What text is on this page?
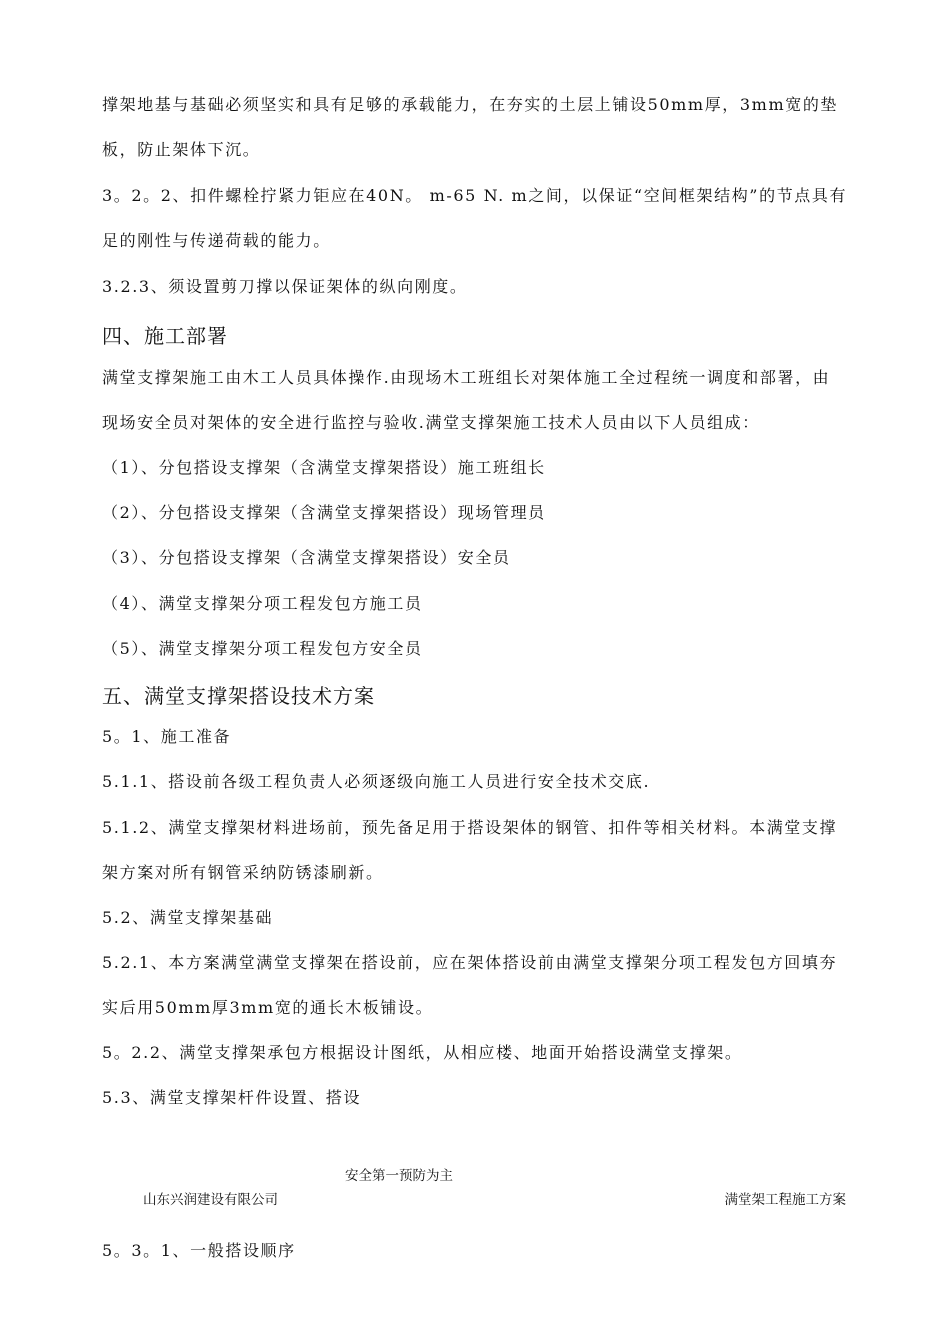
撑架地基与基础必须坚实和具有足够的承载能力，在夯实的土层上铺设50mm厚，3mm宽的垫
板，防止架体下沉。
3。2。2、扣件螺栓拧紧力钜应在40N。 m-65 N. m之间，以保证“空间框架结构”的节点具有
足的刚性与传递荷载的能力。
3.2.3、须设置剪刀撑以保证架体的纵向刚度。
四、施工部署
满堂支撑架施工由木工人员具体操作.由现场木工班组长对架体施工全过程统一调度和部署，由
现场安全员对架体的安全进行监控与验收.满堂支撑架施工技术人员由以下人员组成：
（1）、分包搭设支撑架（含满堂支撑架搭设）施工班组长
（2）、分包搭设支撑架（含满堂支撑架搭设）现场管理员
（3）、分包搭设支撑架（含满堂支撑架搭设）安全员
（4）、满堂支撑架分项工程发包方施工员
（5）、满堂支撑架分项工程发包方安全员
五、满堂支撑架搭设技术方案
5。1、施工准备
5.1.1、搭设前各级工程负责人必须逐级向施工人员进行安全技术交底.
5.1.2、满堂支撑架材料进场前，预先备足用于搭设架体的钢管、扣件等相关材料。本满堂支撑
架方案对所有钢管采纳防锈漆刷新。
5.2、满堂支撑架基础
5.2.1、本方案满堂满堂支撑架在搭设前，应在架体搭设前由满堂支撑架分项工程发包方回填夯
实后用50mm厚3mm宽的通长木板铺设。
5。2.2、满堂支撑架承包方根据设计图纸，从相应楼、地面开始搭设满堂支撑架。
5.3、满堂支撑架杆件设置、搭设
安全第一预防为主
山东兴润建设有限公司	满堂架工程施工方案
5。3。1、一般搭设顺序
